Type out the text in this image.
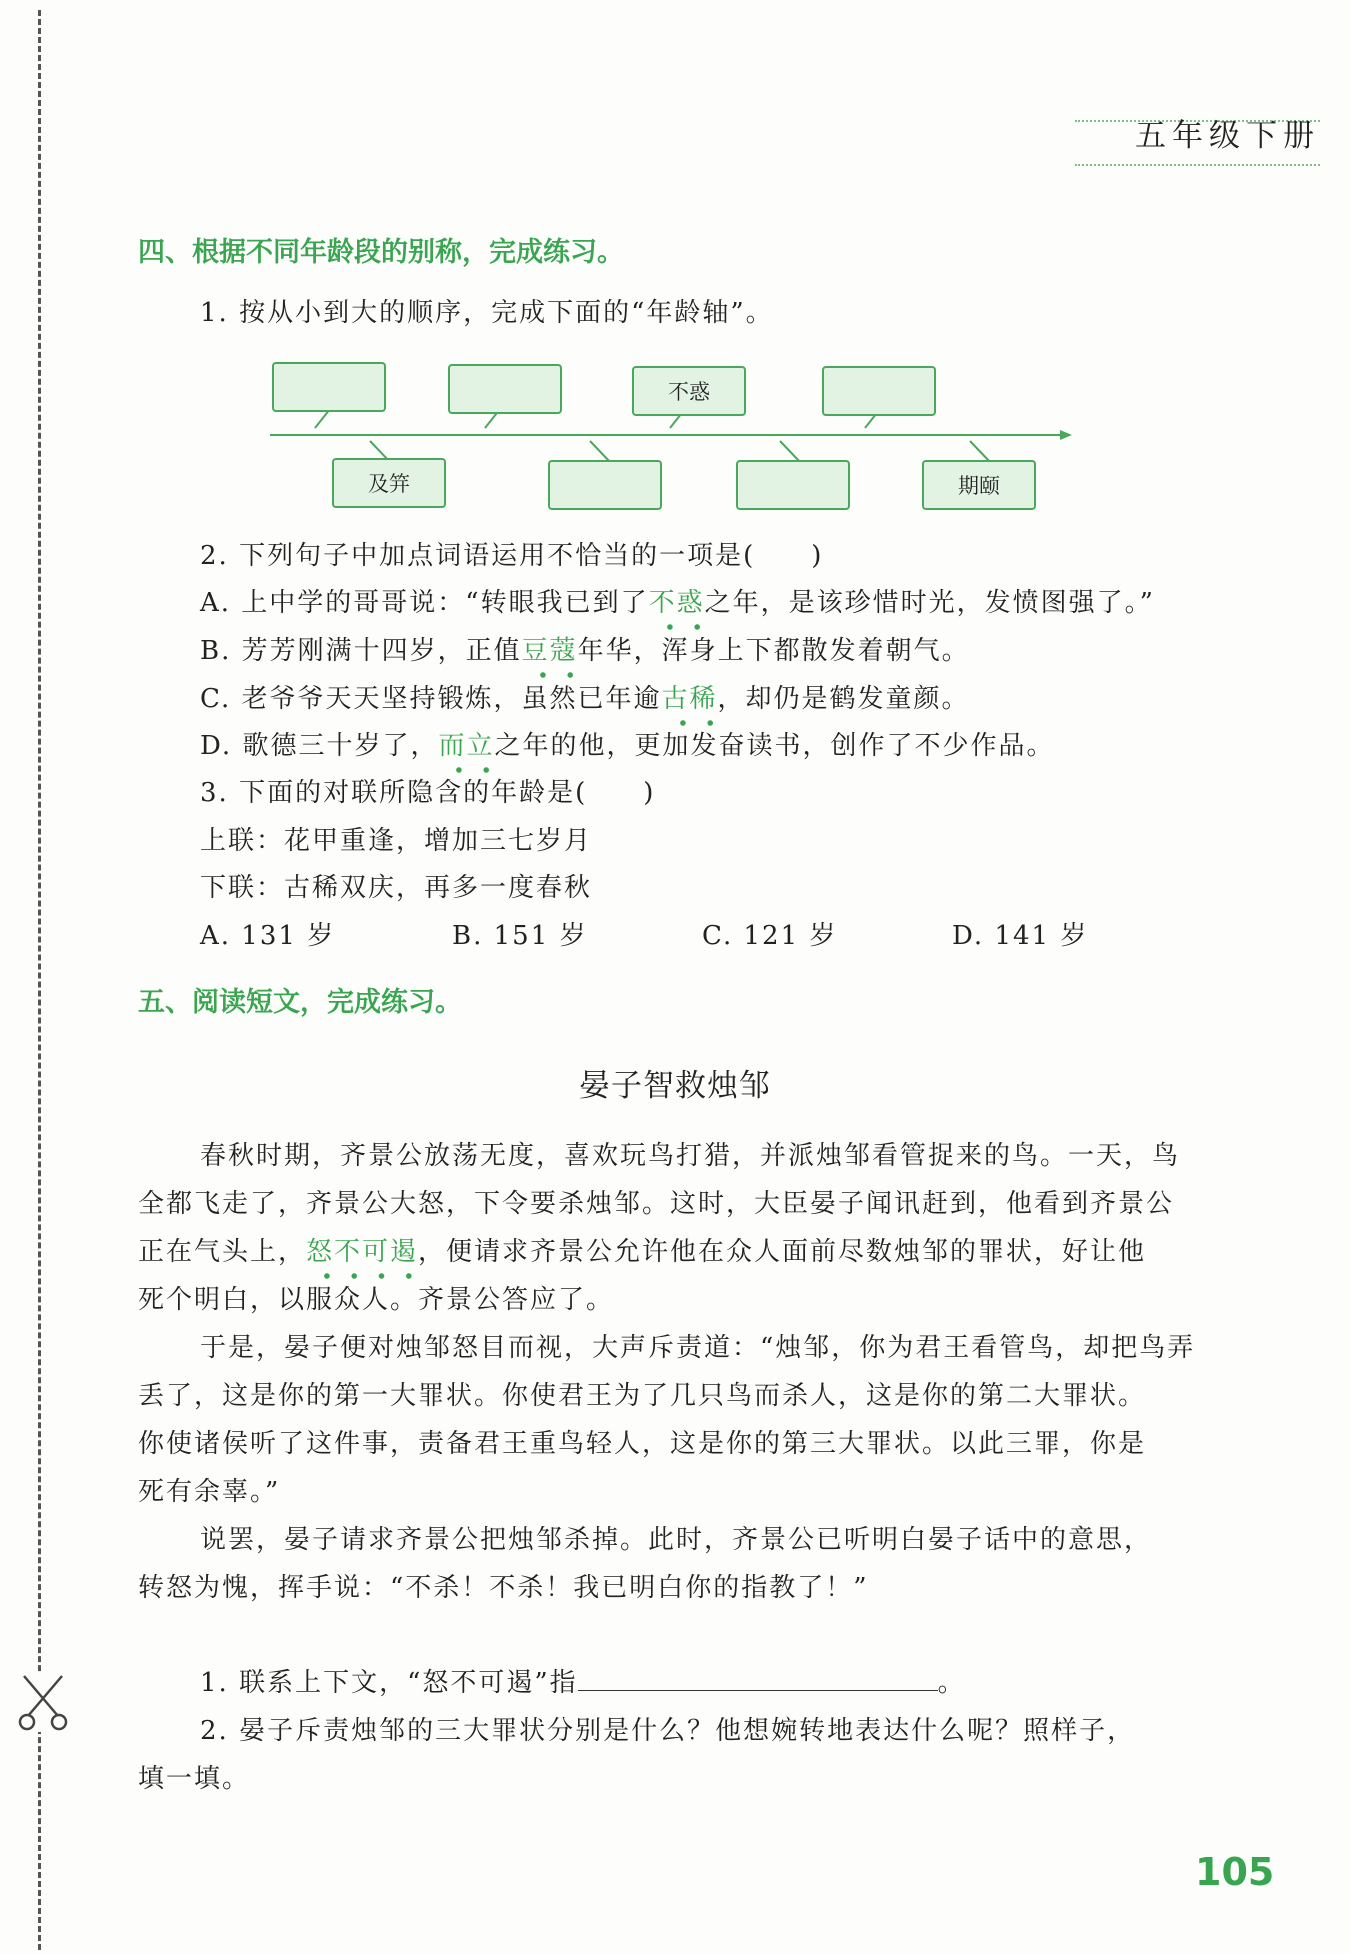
五年级下册
四、根据不同年龄段的别称，完成练习。
1. 按从小到大的顺序，完成下面的“年龄轴”。
不惑
及笄	期颐
2. 下列句子中加点词语运用不恰当的一项是(　　)
A. 上中学的哥哥说：“转眼我已到了不惑之年，是该珍惜时光，发愤图强了。”
B. 芳芳刚满十四岁，正值豆蔻年华，浑身上下都散发着朝气。
C. 老爷爷天天坚持锻炼，虽然已年逾古稀，却仍是鹤发童颜。
D. 歌德三十岁了，而立之年的他，更加发奋读书，创作了不少作品。
3. 下面的对联所隐含的年龄是(　　)
上联：花甲重逢，增加三七岁月
下联：古稀双庆，再多一度春秋
A. 131 岁	B. 151 岁	C. 121 岁	D. 141 岁
五、阅读短文，完成练习。
晏子智救烛邹
春秋时期，齐景公放荡无度，喜欢玩鸟打猎，并派烛邹看管捉来的鸟。一天，鸟
全都飞走了，齐景公大怒，下令要杀烛邹。这时，大臣晏子闻讯赶到，他看到齐景公
正在气头上，怒不可遏，便请求齐景公允许他在众人面前尽数烛邹的罪状，好让他
死个明白，以服众人。齐景公答应了。
于是，晏子便对烛邹怒目而视，大声斥责道：“烛邹，你为君王看管鸟，却把鸟弄
丢了，这是你的第一大罪状。你使君王为了几只鸟而杀人，这是你的第二大罪状。
你使诸侯听了这件事，责备君王重鸟轻人，这是你的第三大罪状。以此三罪，你是
死有余辜。”
说罢，晏子请求齐景公把烛邹杀掉。此时，齐景公已听明白晏子话中的意思，
转怒为愧，挥手说：“不杀！不杀！我已明白你的指教了！”
1. 联系上下文，“怒不可遏”指	。
2. 晏子斥责烛邹的三大罪状分别是什么？他想婉转地表达什么呢？照样子，
填一填。
105
